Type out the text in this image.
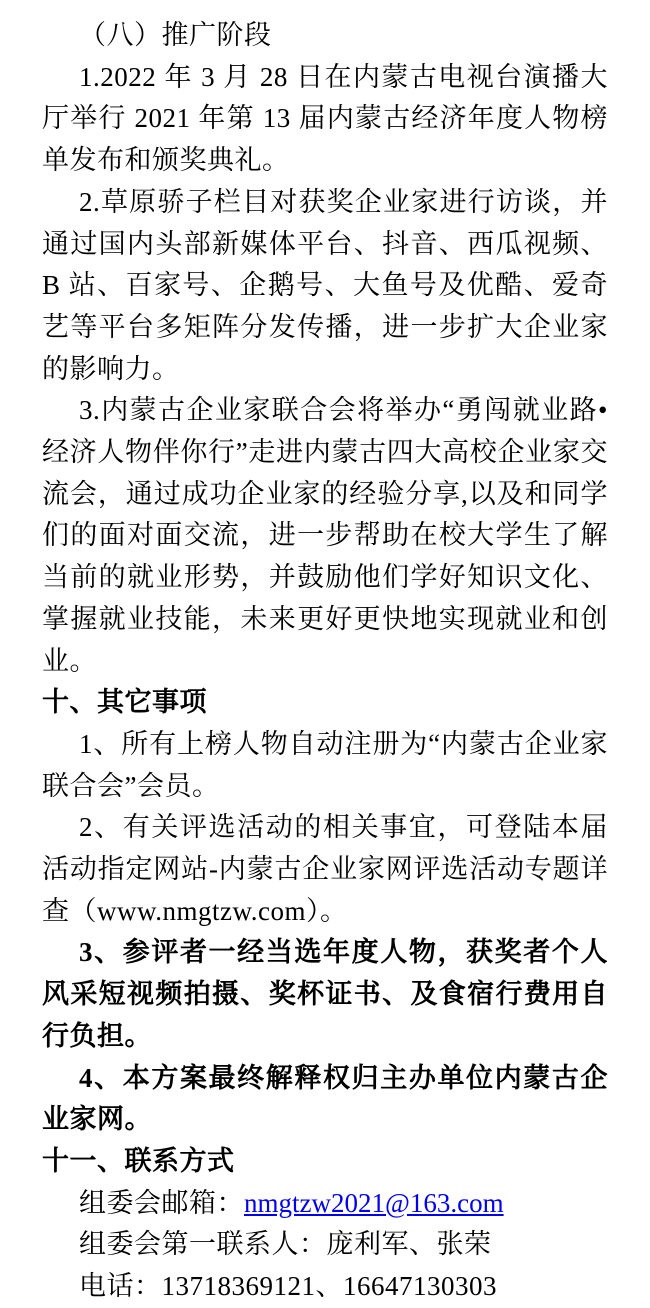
（八）推广阶段

1.2022 年 3 月 28 日在内蒙古电视台演播大厅举行 2021 年第 13 届内蒙古经济年度人物榜单发布和颁奖典礼。

2.草原骄子栏目对获奖企业家进行访谈，并通过国内头部新媒体平台、抖音、西瓜视频、B 站、百家号、企鹅号、大鱼号及优酷、爱奇艺等平台多矩阵分发传播，进一步扩大企业家的影响力。

3.内蒙古企业家联合会将举办“勇闯就业路•经济人物伴你行”走进内蒙古四大高校企业家交流会，通过成功企业家的经验分享,以及和同学们的面对面交流，进一步帮助在校大学生了解当前的就业形势，并鼓励他们学好知识文化、掌握就业技能，未来更好更快地实现就业和创业。

十、其它事项

1、所有上榜人物自动注册为“内蒙古企业家联合会”会员。

2、有关评选活动的相关事宜，可登陆本届活动指定网站-内蒙古企业家网评选活动专题详查（www.nmgtzw.com）。

3、参评者一经当选年度人物，获奖者个人风采短视频拍摄、奖杯证书、及食宿行费用自行负担。

4、本方案最终解释权归主办单位内蒙古企业家网。

十一、联系方式

组委会邮箱：nmgtzw2021@163.com

组委会第一联系人：庞利军、张荣

电话：13718369121、16647130303
